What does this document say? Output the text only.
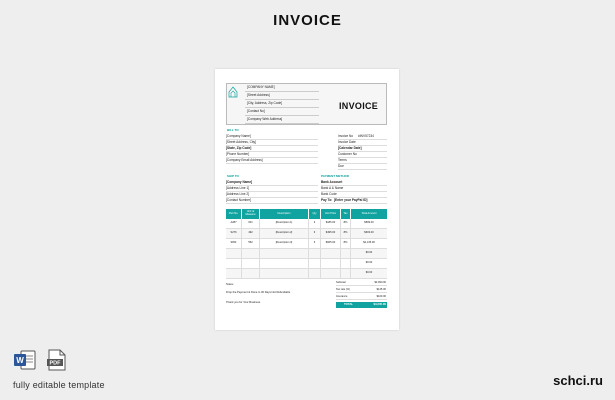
INVOICE
[COMPANY NAME]
[Street Address]
[City, Address, Zip Code]
[Contact No]
[Company Web Address]
INVOICE
BILL TO
[Company Name]
[Street Address, City]
[State, Zip Code]
[Phone Number]
[Company Email Address]
Invoice No	#INV57234
Invoice Date
[Calendar Date]
Customer No
Terms
Due
SHIP TO
[Company Name]
[Address Line 1]
[Address Line 2]
[Contact Number]
PAYMENT METHOD
Bank Account
Bank A & Name
Bank Code
Pay To: [Enter your PayPal ID]
Part No.	Unit of Measure	Description	Qty	Unit Price	Tax	Total Amount
A287	001	[Description 1]	3	$185.00	8%	$599.00
S276	492	[Description 2]	3	$495.00	8%	$603.00
9053	552	[Description 3]	3	$665.00	8%	$2,135.00
$0.00
$0.00
$0.00
Notes:
Drop the Payment & Done in 30 Days Not Refundable
Thank you for Your Business
Subtotal	$2,990.00
Tax rate (%)	$145.00
Insurance	$100.00
TOTAL	$3,235.00
W	PDF
fully editable template	schci.ru
